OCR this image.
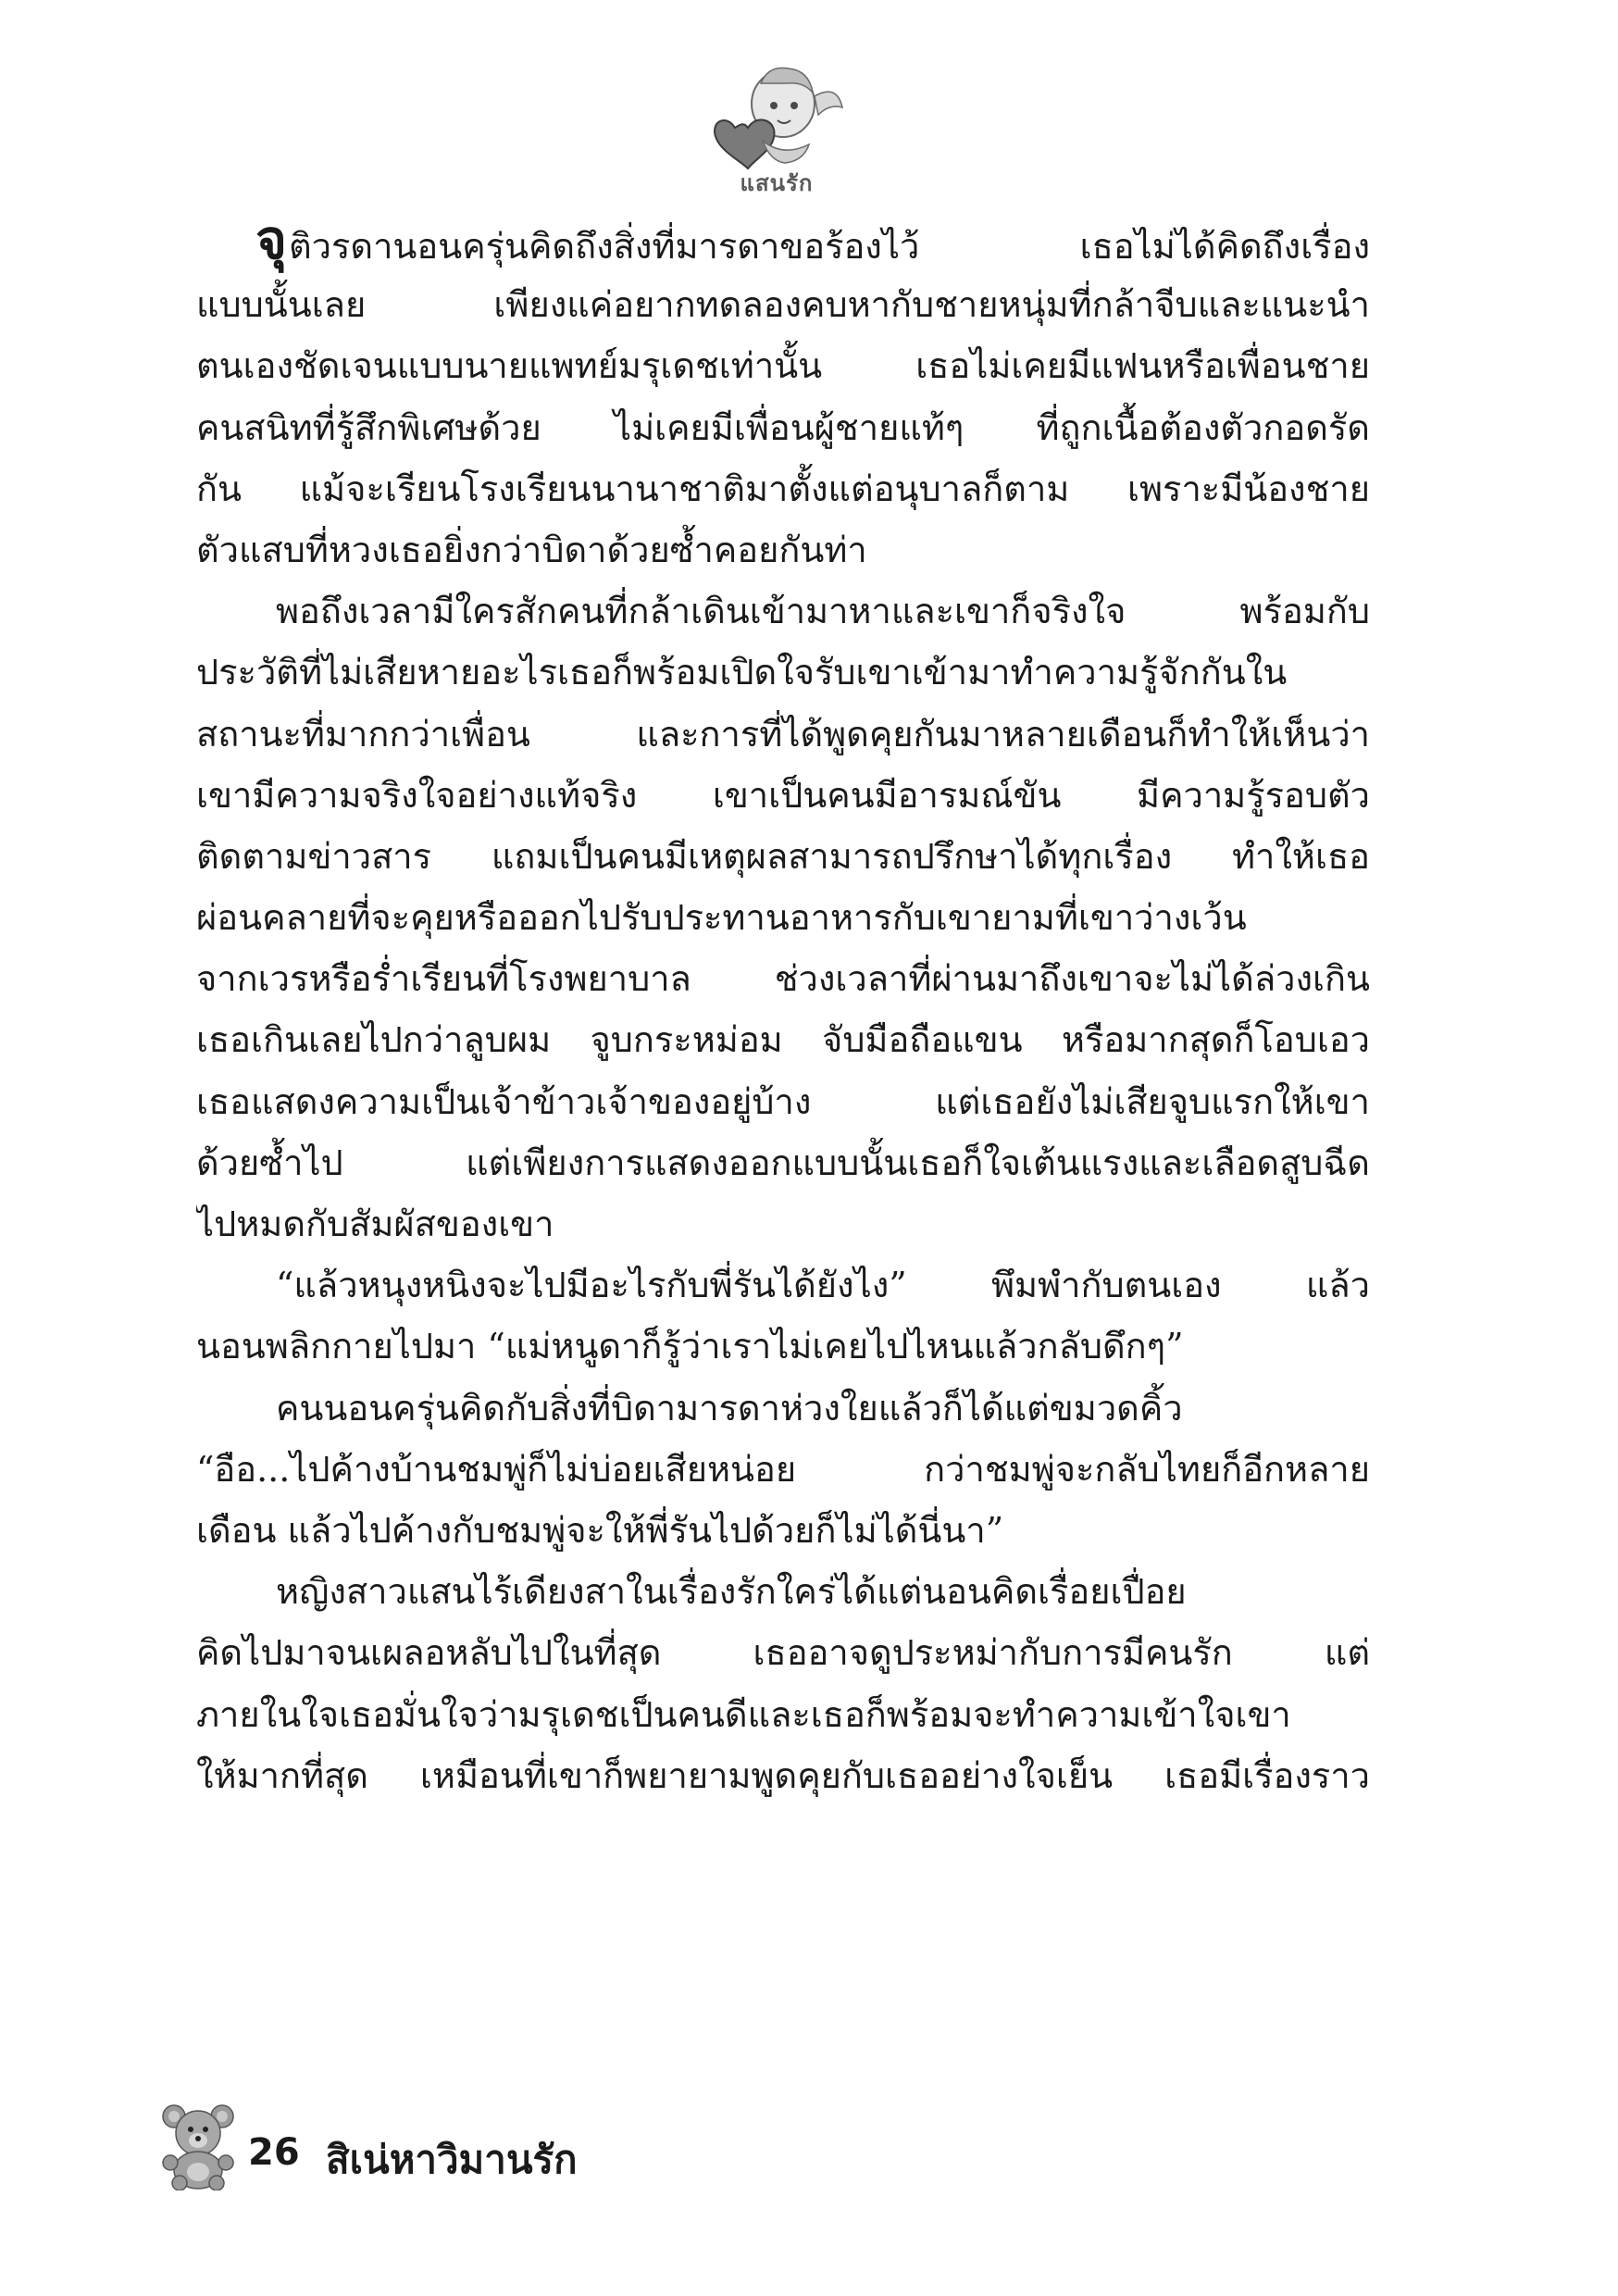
แสนรัก
จุติวรดานอนครุ่นคิดถึงสิ่งที่มารดาขอร้องไว้ เธอไม่ได้คิดถึงเรื่อง
แบบนั้นเลย เพียงแค่อยากทดลองคบหากับชายหนุ่มที่กล้าจีบและแนะนำ
ตนเองชัดเจนแบบนายแพทย์มรุเดชเท่านั้น เธอไม่เคยมีแฟนหรือเพื่อนชาย
คนสนิทที่รู้สึกพิเศษด้วย ไม่เคยมีเพื่อนผู้ชายแท้ๆ ที่ถูกเนื้อต้องตัวกอดรัด
กัน แม้จะเรียนโรงเรียนนานาชาติมาตั้งแต่อนุบาลก็ตาม เพราะมีน้องชาย
ตัวแสบที่หวงเธอยิ่งกว่าบิดาด้วยซ้ำคอยกันท่า
พอถึงเวลามีใครสักคนที่กล้าเดินเข้ามาหาและเขาก็จริงใจ พร้อมกับ
ประวัติที่ไม่เสียหายอะไรเธอก็พร้อมเปิดใจรับเขาเข้ามาทำความรู้จักกันใน
สถานะที่มากกว่าเพื่อน และการที่ได้พูดคุยกันมาหลายเดือนก็ทำให้เห็นว่า
เขามีความจริงใจอย่างแท้จริง เขาเป็นคนมีอารมณ์ขัน มีความรู้รอบตัว
ติดตามข่าวสาร แถมเป็นคนมีเหตุผลสามารถปรึกษาได้ทุกเรื่อง ทำให้เธอ
ผ่อนคลายที่จะคุยหรือออกไปรับประทานอาหารกับเขายามที่เขาว่างเว้น
จากเวรหรือร่ำเรียนที่โรงพยาบาล ช่วงเวลาที่ผ่านมาถึงเขาจะไม่ได้ล่วงเกิน
เธอเกินเลยไปกว่าลูบผม จูบกระหม่อม จับมือถือแขน หรือมากสุดก็โอบเอว
เธอแสดงความเป็นเจ้าข้าวเจ้าของอยู่บ้าง แต่เธอยังไม่เสียจูบแรกให้เขา
ด้วยซ้ำไป แต่เพียงการแสดงออกแบบนั้นเธอก็ใจเต้นแรงและเลือดสูบฉีด
ไปหมดกับสัมผัสของเขา
“แล้วหนุงหนิงจะไปมีอะไรกับพี่รันได้ยังไง” พึมพำกับตนเอง แล้ว
นอนพลิกกายไปมา “แม่หนูดาก็รู้ว่าเราไม่เคยไปไหนแล้วกลับดึกๆ”
คนนอนครุ่นคิดกับสิ่งที่บิดามารดาห่วงใยแล้วก็ได้แต่ขมวดคิ้ว
“อือ...ไปค้างบ้านชมพู่ก็ไม่บ่อยเสียหน่อย กว่าชมพู่จะกลับไทยก็อีกหลาย
เดือน แล้วไปค้างกับชมพู่จะให้พี่รันไปด้วยก็ไม่ได้นี่นา”
หญิงสาวแสนไร้เดียงสาในเรื่องรักใคร่ได้แต่นอนคิดเรื่อยเปื่อย
คิดไปมาจนเผลอหลับไปในที่สุด เธออาจดูประหม่ากับการมีคนรัก แต่
ภายในใจเธอมั่นใจว่ามรุเดชเป็นคนดีและเธอก็พร้อมจะทำความเข้าใจเขา
ให้มากที่สุด เหมือนที่เขาก็พยายามพูดคุยกับเธออย่างใจเย็น เธอมีเรื่องราว
26 สิเน่หาวิมานรัก
